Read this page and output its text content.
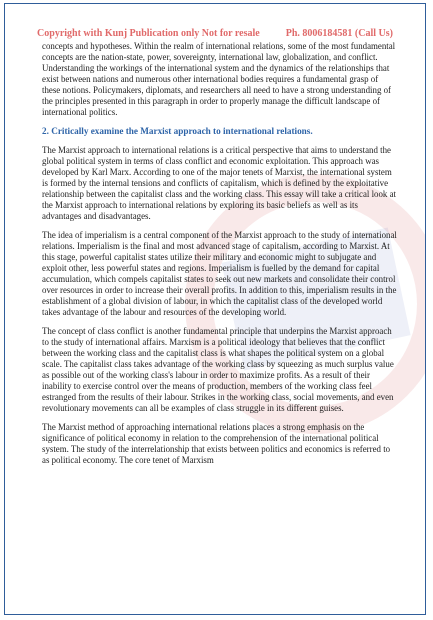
Copyright with Kunj Publication only Not for resale	Ph. 8006184581 (Call Us)

concepts and hypotheses. Within the realm of international relations, some of the most fundamental concepts are the nation-state, power, sovereignty, international law, globalization, and conflict. Understanding the workings of the international system and the dynamics of the relationships that exist between nations and numerous other international bodies requires a fundamental grasp of these notions. Policymakers, diplomats, and researchers all need to have a strong understanding of the principles presented in this paragraph in order to properly manage the difficult landscape of international politics.

2. Critically examine the Marxist approach to international relations.

The Marxist approach to international relations is a critical perspective that aims to understand the global political system in terms of class conflict and economic exploitation. This approach was developed by Karl Marx. According to one of the major tenets of Marxist, the international system is formed by the internal tensions and conflicts of capitalism, which is defined by the exploitative relationship between the capitalist class and the working class. This essay will take a critical look at the Marxist approach to international relations by exploring its basic beliefs as well as its advantages and disadvantages.

The idea of imperialism is a central component of the Marxist approach to the study of international relations. Imperialism is the final and most advanced stage of capitalism, according to Marxist. At this stage, powerful capitalist states utilize their military and economic might to subjugate and exploit other, less powerful states and regions. Imperialism is fuelled by the demand for capital accumulation, which compels capitalist states to seek out new markets and consolidate their control over resources in order to increase their overall profits. In addition to this, imperialism results in the establishment of a global division of labour, in which the capitalist class of the developed world takes advantage of the labour and resources of the developing world.

The concept of class conflict is another fundamental principle that underpins the Marxist approach to the study of international affairs. Marxism is a political ideology that believes that the conflict between the working class and the capitalist class is what shapes the political system on a global scale. The capitalist class takes advantage of the working class by squeezing as much surplus value as possible out of the working class's labour in order to maximize profits. As a result of their inability to exercise control over the means of production, members of the working class feel estranged from the results of their labour. Strikes in the working class, social movements, and even revolutionary movements can all be examples of class struggle in its different guises.

The Marxist method of approaching international relations places a strong emphasis on the significance of political economy in relation to the comprehension of the international political system. The study of the interrelationship that exists between politics and economics is referred to as political economy. The core tenet of Marxism
